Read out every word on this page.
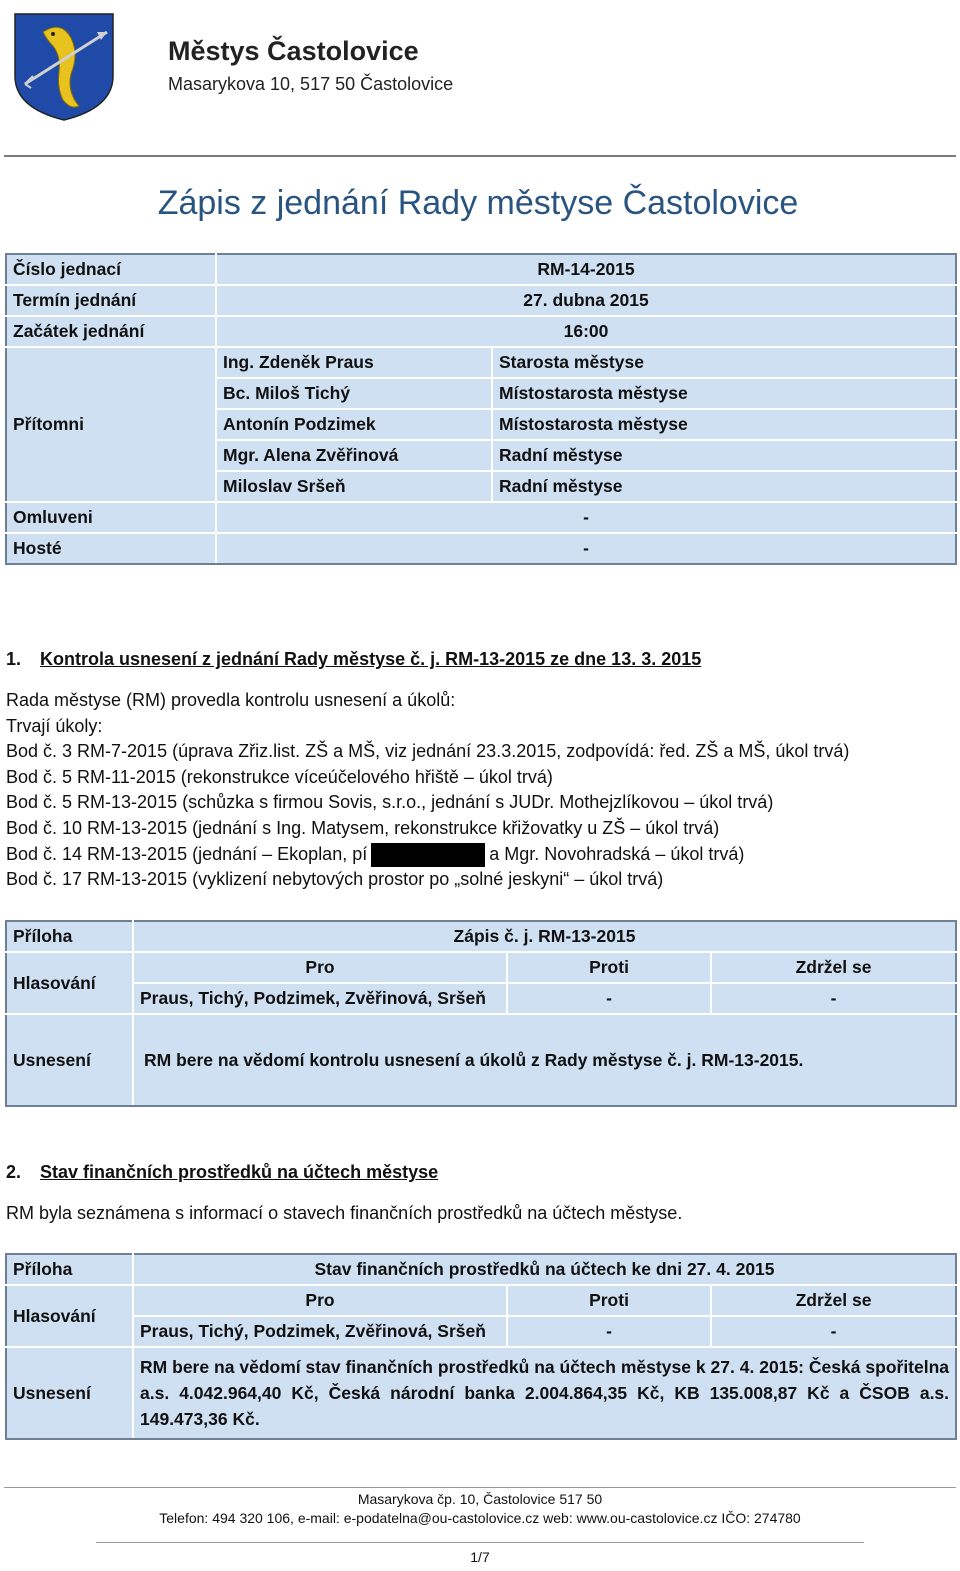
Městys Častolovice
Masarykova 10, 517 50 Častolovice
Zápis z jednání Rady městyse Častolovice
Číslo jednací	RM-14-2015	
Termín jednání	27. dubna 2015	
Začátek jednání	16:00	
Přítomni	Ing. Zdeněk Praus	Starosta městyse
	Bc. Miloš Tichý	Místostarosta městyse
	Antonín Podzimek	Místostarosta městyse
	Mgr. Alena Zvěřinová	Radní městyse
	Miloslav Sršeň	Radní městyse
Omluveni	-	
Hosté	-	
1. Kontrola usnesení z jednání Rady městyse č. j. RM-13-2015 ze dne 13. 3. 2015
Rada městyse (RM) provedla kontrolu usnesení a úkolů:
Trvají úkoly:
Bod č. 3 RM-7-2015 (úprava Zřiz.list. ZŠ a MŠ, viz jednání 23.3.2015, zodpovídá: řed. ZŠ a MŠ, úkol trvá)
Bod č. 5 RM-11-2015 (rekonstrukce víceúčelového hřiště – úkol trvá)
Bod č. 5 RM-13-2015 (schůzka s firmou Sovis, s.r.o., jednání s JUDr. Mothejzlíkovou – úkol trvá)
Bod č. 10 RM-13-2015 (jednání s Ing. Matysem, rekonstrukce křižovatky u ZŠ – úkol trvá)
Bod č. 14 RM-13-2015 (jednání – Ekoplan, pí	a Mgr. Novohradská – úkol trvá)
Bod č. 17 RM-13-2015 (vyklizení nebytových prostor po „solné jeskyni“ – úkol trvá)
Příloha	Zápis č. j. RM-13-2015		
Hlasování	Pro	Proti	Zdržel se
	Praus, Tichý, Podzimek, Zvěřinová, Sršeň	-	-
Usnesení	RM bere na vědomí kontrolu usnesení a úkolů z Rady městyse č. j. RM-13-2015.		
2. Stav finančních prostředků na účtech městyse
RM byla seznámena s informací o stavech finančních prostředků na účtech městyse.
Příloha	Stav finančních prostředků na účtech ke dni 27. 4. 2015		
Hlasování	Pro	Proti	Zdržel se
	Praus, Tichý, Podzimek, Zvěřinová, Sršeň	-	-
Usnesení	RM bere na vědomí stav finančních prostředků na účtech městyse k 27. 4. 2015: Česká spořitelna a.s. 4.042.964,40 Kč, Česká národní banka 2.004.864,35 Kč, KB 135.008,87 Kč a ČSOB a.s. 149.473,36 Kč.		
Masarykova čp. 10, Častolovice 517 50
Telefon: 494 320 106, e-mail: e-podatelna@ou-castolovice.cz web: www.ou-castolovice.cz IČO: 274780
1/7
